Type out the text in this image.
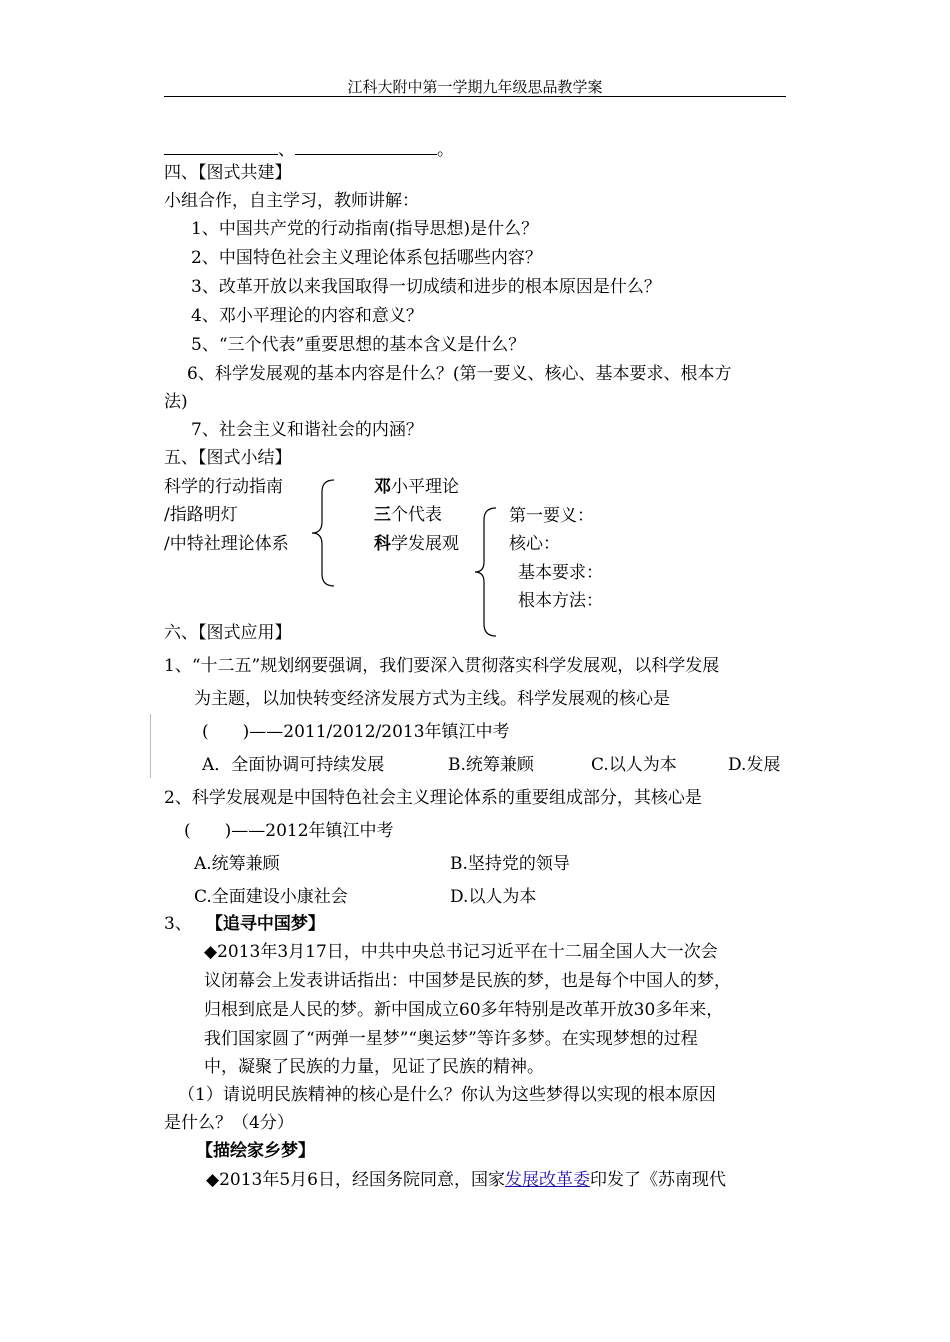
江科大附中第一学期九年级思品教学案
、	。
四、【图式共建】
小组合作，自主学习，教师讲解：
1、中国共产党的行动指南(指导思想)是什么？
2、中国特色社会主义理论体系包括哪些内容？
3、改革开放以来我国取得一切成绩和进步的根本原因是什么？
4、邓小平理论的内容和意义？
5、“三个代表”重要思想的基本含义是什么？
6、科学发展观的基本内容是什么？(第一要义、核心、基本要求、根本方
法)
7、社会主义和谐社会的内涵？
五、【图式小结】
科学的行动指南
/指路明灯
/中特社理论体系
邓小平理论
三个代表
科学发展观
第一要义：
核心：
基本要求：
根本方法：
六、【图式应用】
1、“十二五”规划纲要强调，我们要深入贯彻落实科学发展观，以科学发展
为主题，以加快转变经济发展方式为主线。科学发展观的核心是
(　　)——2011/2012/2013年镇江中考
A．全面协调可持续发展	B.统筹兼顾	C.以人为本	D.发展
2、科学发展观是中国特色社会主义理论体系的重要组成部分，其核心是
(　　)——2012年镇江中考
A.统筹兼顾	B.坚持党的领导
C.全面建设小康社会	D.以人为本
3、 【追寻中国梦】
◆2013年3月17日，中共中央总书记习近平在十二届全国人大一次会
议闭幕会上发表讲话指出：中国梦是民族的梦，也是每个中国人的梦，
归根到底是人民的梦。新中国成立60多年特别是改革开放30多年来，
我们国家圆了“两弹一星梦”“奥运梦”等许多梦。在实现梦想的过程
中，凝聚了民族的力量，见证了民族的精神。
（1）请说明民族精神的核心是什么？你认为这些梦得以实现的根本原因
是什么？（4分）
【描绘家乡梦】
◆2013年5月6日，经国务院同意，国家发展改革委印发了《苏南现代
